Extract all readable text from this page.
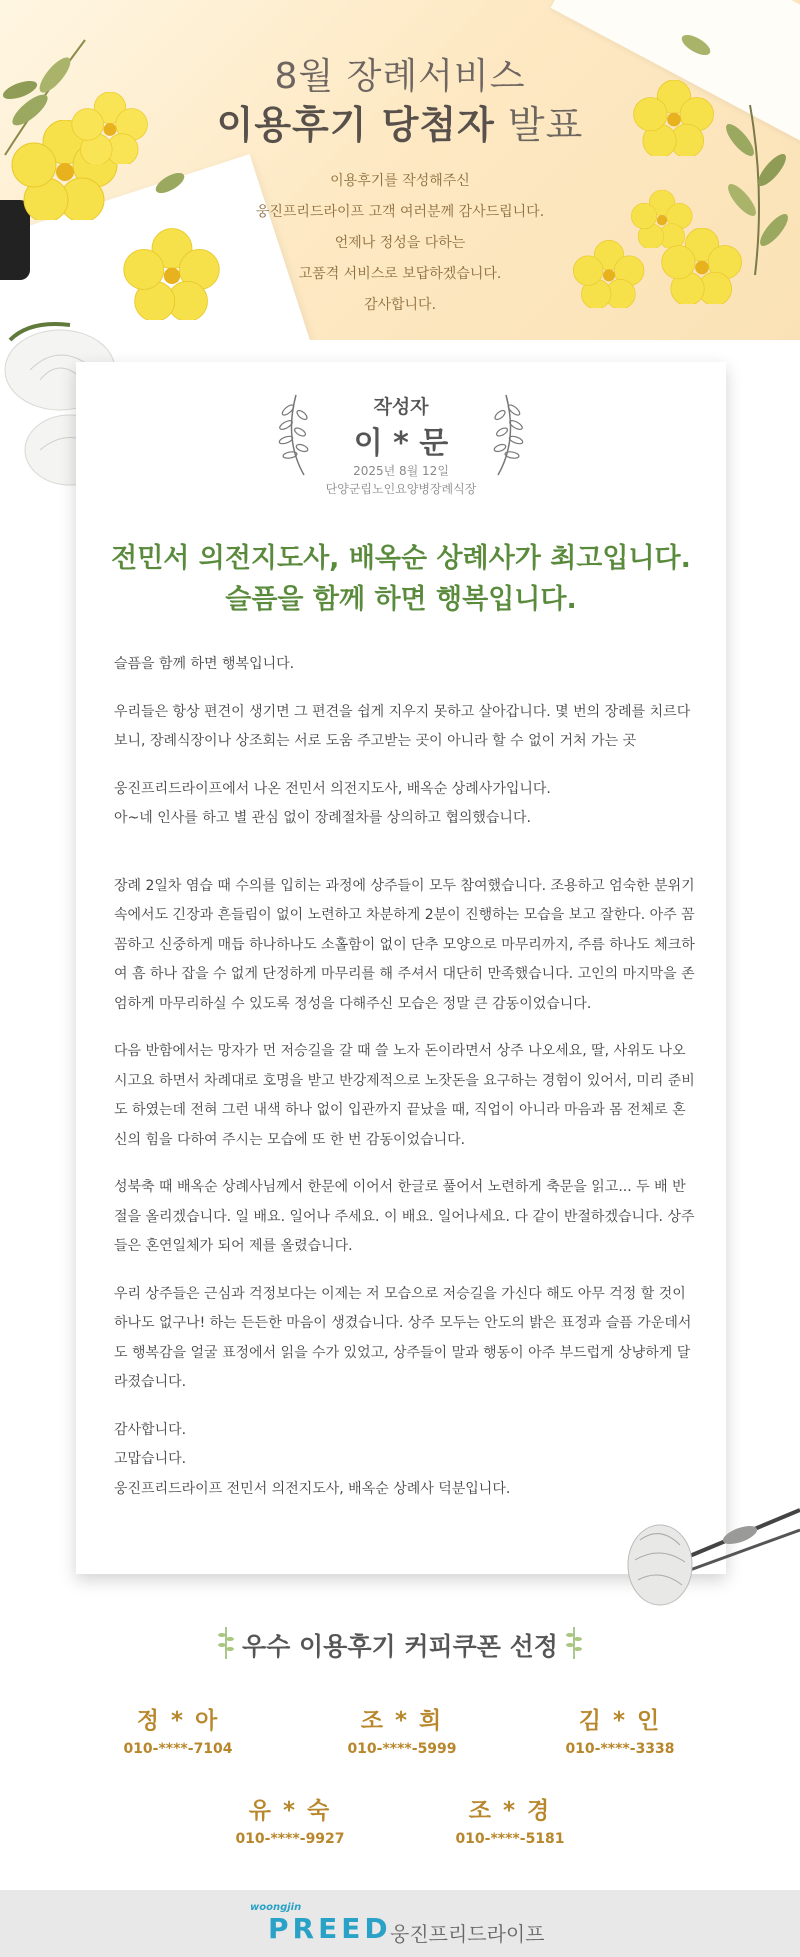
8월 장례서비스
이용후기 당첨자 발표
이용후기를 작성해주신
웅진프리드라이프 고객 여러분께 감사드립니다.
언제나 정성을 다하는
고품격 서비스로 보답하겠습니다.
감사합니다.
작성자
이 * 문
2025년 8월 12일
단양군립노인요양병장례식장
전민서 의전지도사, 배옥순 상례사가 최고입니다.
슬픔을 함께 하면 행복입니다.

슬픔을 함께 하면 행복입니다.

우리들은 항상 편견이 생기면 그 편견을 쉽게 지우지 못하고 살아갑니다. 몇 번의 장례를 치르다 보니, 장례식장이나 상조회는 서로 도움 주고받는 곳이 아니라 할 수 없이 거처 가는 곳

웅진프리드라이프에서 나온 전민서 의전지도사, 배옥순 상례사가입니다.
아~네 인사를 하고 별 관심 없이 장례절차를 상의하고 협의했습니다.

장례 2일차 염습 때 수의를 입히는 과정에 상주들이 모두 참여했습니다. 조용하고 엄숙한 분위기 속에서도 긴장과 흔들림이 없이 노련하고 차분하게 2분이 진행하는 모습을 보고 잘한다. 아주 꼼꼼하고 신중하게 매듭 하나하나도 소홀함이 없이 단추 모양으로 마무리까지, 주름 하나도 체크하여 흠 하나 잡을 수 없게 단정하게 마무리를 해 주셔서 대단히 만족했습니다. 고인의 마지막을 존엄하게 마무리하실 수 있도록 정성을 다해주신 모습은 정말 큰 감동이었습니다.

다음 반함에서는 망자가 먼 저승길을 갈 때 쓸 노자 돈이라면서 상주 나오세요, 딸, 사위도 나오시고요 하면서 차례대로 호명을 받고 반강제적으로 노잣돈을 요구하는 경험이 있어서, 미리 준비도 하였는데 전혀 그런 내색 하나 없이 입관까지 끝났을 때, 직업이 아니라 마음과 몸 전체로 혼신의 힘을 다하여 주시는 모습에 또 한 번 감동이었습니다.

성북축 때 배옥순 상례사님께서 한문에 이어서 한글로 풀어서 노련하게 축문을 읽고... 두 배 반 절을 올리겠습니다. 일 배요. 일어나 주세요. 이 배요. 일어나세요. 다 같이 반절하겠습니다. 상주들은 혼연일체가 되어 제를 올렸습니다.

우리 상주들은 근심과 걱정보다는 이제는 저 모습으로 저승길을 가신다 해도 아무 걱정 할 것이 하나도 없구나! 하는 든든한 마음이 생겼습니다. 상주 모두는 안도의 밝은 표정과 슬픔 가운데서도 행복감을 얼굴 표정에서 읽을 수가 있었고, 상주들이 말과 행동이 아주 부드럽게 상냥하게 달라졌습니다.

감사합니다.
고맙습니다.
웅진프리드라이프 전민서 의전지도사, 배옥순 상례사 덕분입니다.

우수 이용후기 커피쿠폰 선정
정 * 아
010-****-7104
조 * 희
010-****-5999
김 * 인
010-****-3338
유 * 숙
010-****-9927
조 * 경
010-****-5181
woongjin
PREED
웅진프리드라이프
